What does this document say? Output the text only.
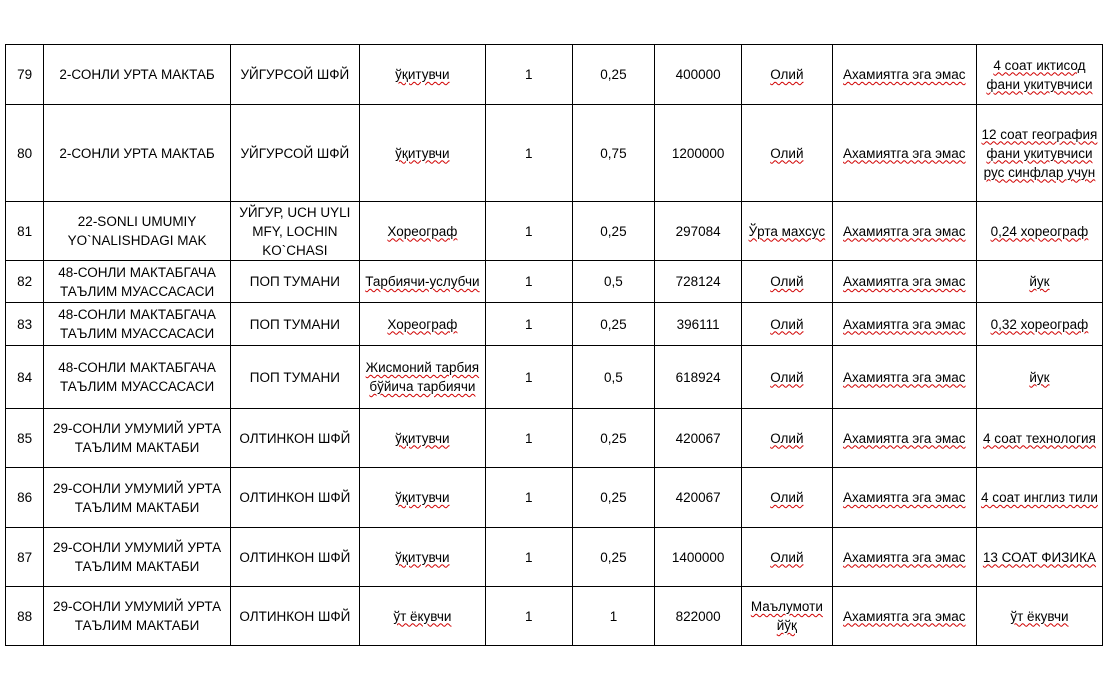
79	2-СОНЛИ УРТА МАКТАБ	УЙГУРСОЙ ШФЙ	ўқитувчи	1	0,25	400000	Олий	Ахамиятга эга эмас	4 соат иктисод фани укитувчиси

80	2-СОНЛИ УРТА МАКТАБ	УЙГУРСОЙ ШФЙ	ўқитувчи	1	0,75	1200000	Олий	Ахамиятга эга эмас	12 соат география фани укитувчиси рус синфлар учун

81	22-SONLI UMUMIY YO`NALISHDAGI MAK	УЙГУР, UCH UYLI MFY, LOCHIN KO`CHASI	Хореограф	1	0,25	297084	Ўрта махсус	Ахамиятга эга эмас	0,24 хореограф

82	48-СОНЛИ МАКТАБГАЧА ТАЪЛИМ МУАССАСАСИ	ПОП ТУМАНИ	Тарбиячи-услубчи	1	0,5	728124	Олий	Ахамиятга эга эмас	йук

83	48-СОНЛИ МАКТАБГАЧА ТАЪЛИМ МУАССАСАСИ	ПОП ТУМАНИ	Хореограф	1	0,25	396111	Олий	Ахамиятга эга эмас	0,32 хореограф

84	48-СОНЛИ МАКТАБГАЧА ТАЪЛИМ МУАССАСАСИ	ПОП ТУМАНИ	Жисмоний тарбия бўйича тарбиячи	1	0,5	618924	Олий	Ахамиятга эга эмас	йук

85	29-СОНЛИ УМУМИЙ УРТА ТАЪЛИМ МАКТАБИ	ОЛТИНКОН ШФЙ	ўқитувчи	1	0,25	420067	Олий	Ахамиятга эга эмас	4 соат технология

86	29-СОНЛИ УМУМИЙ УРТА ТАЪЛИМ МАКТАБИ	ОЛТИНКОН ШФЙ	ўқитувчи	1	0,25	420067	Олий	Ахамиятга эга эмас	4 соат инглиз тили

87	29-СОНЛИ УМУМИЙ УРТА ТАЪЛИМ МАКТАБИ	ОЛТИНКОН ШФЙ	ўқитувчи	1	0,25	1400000	Олий	Ахамиятга эга эмас	13 СОАТ ФИЗИКА

88	29-СОНЛИ УМУМИЙ УРТА ТАЪЛИМ МАКТАБИ	ОЛТИНКОН ШФЙ	ўт ёкувчи	1	1	822000	Маълумоти йўқ	Ахамиятга эга эмас	ўт ёкувчи
